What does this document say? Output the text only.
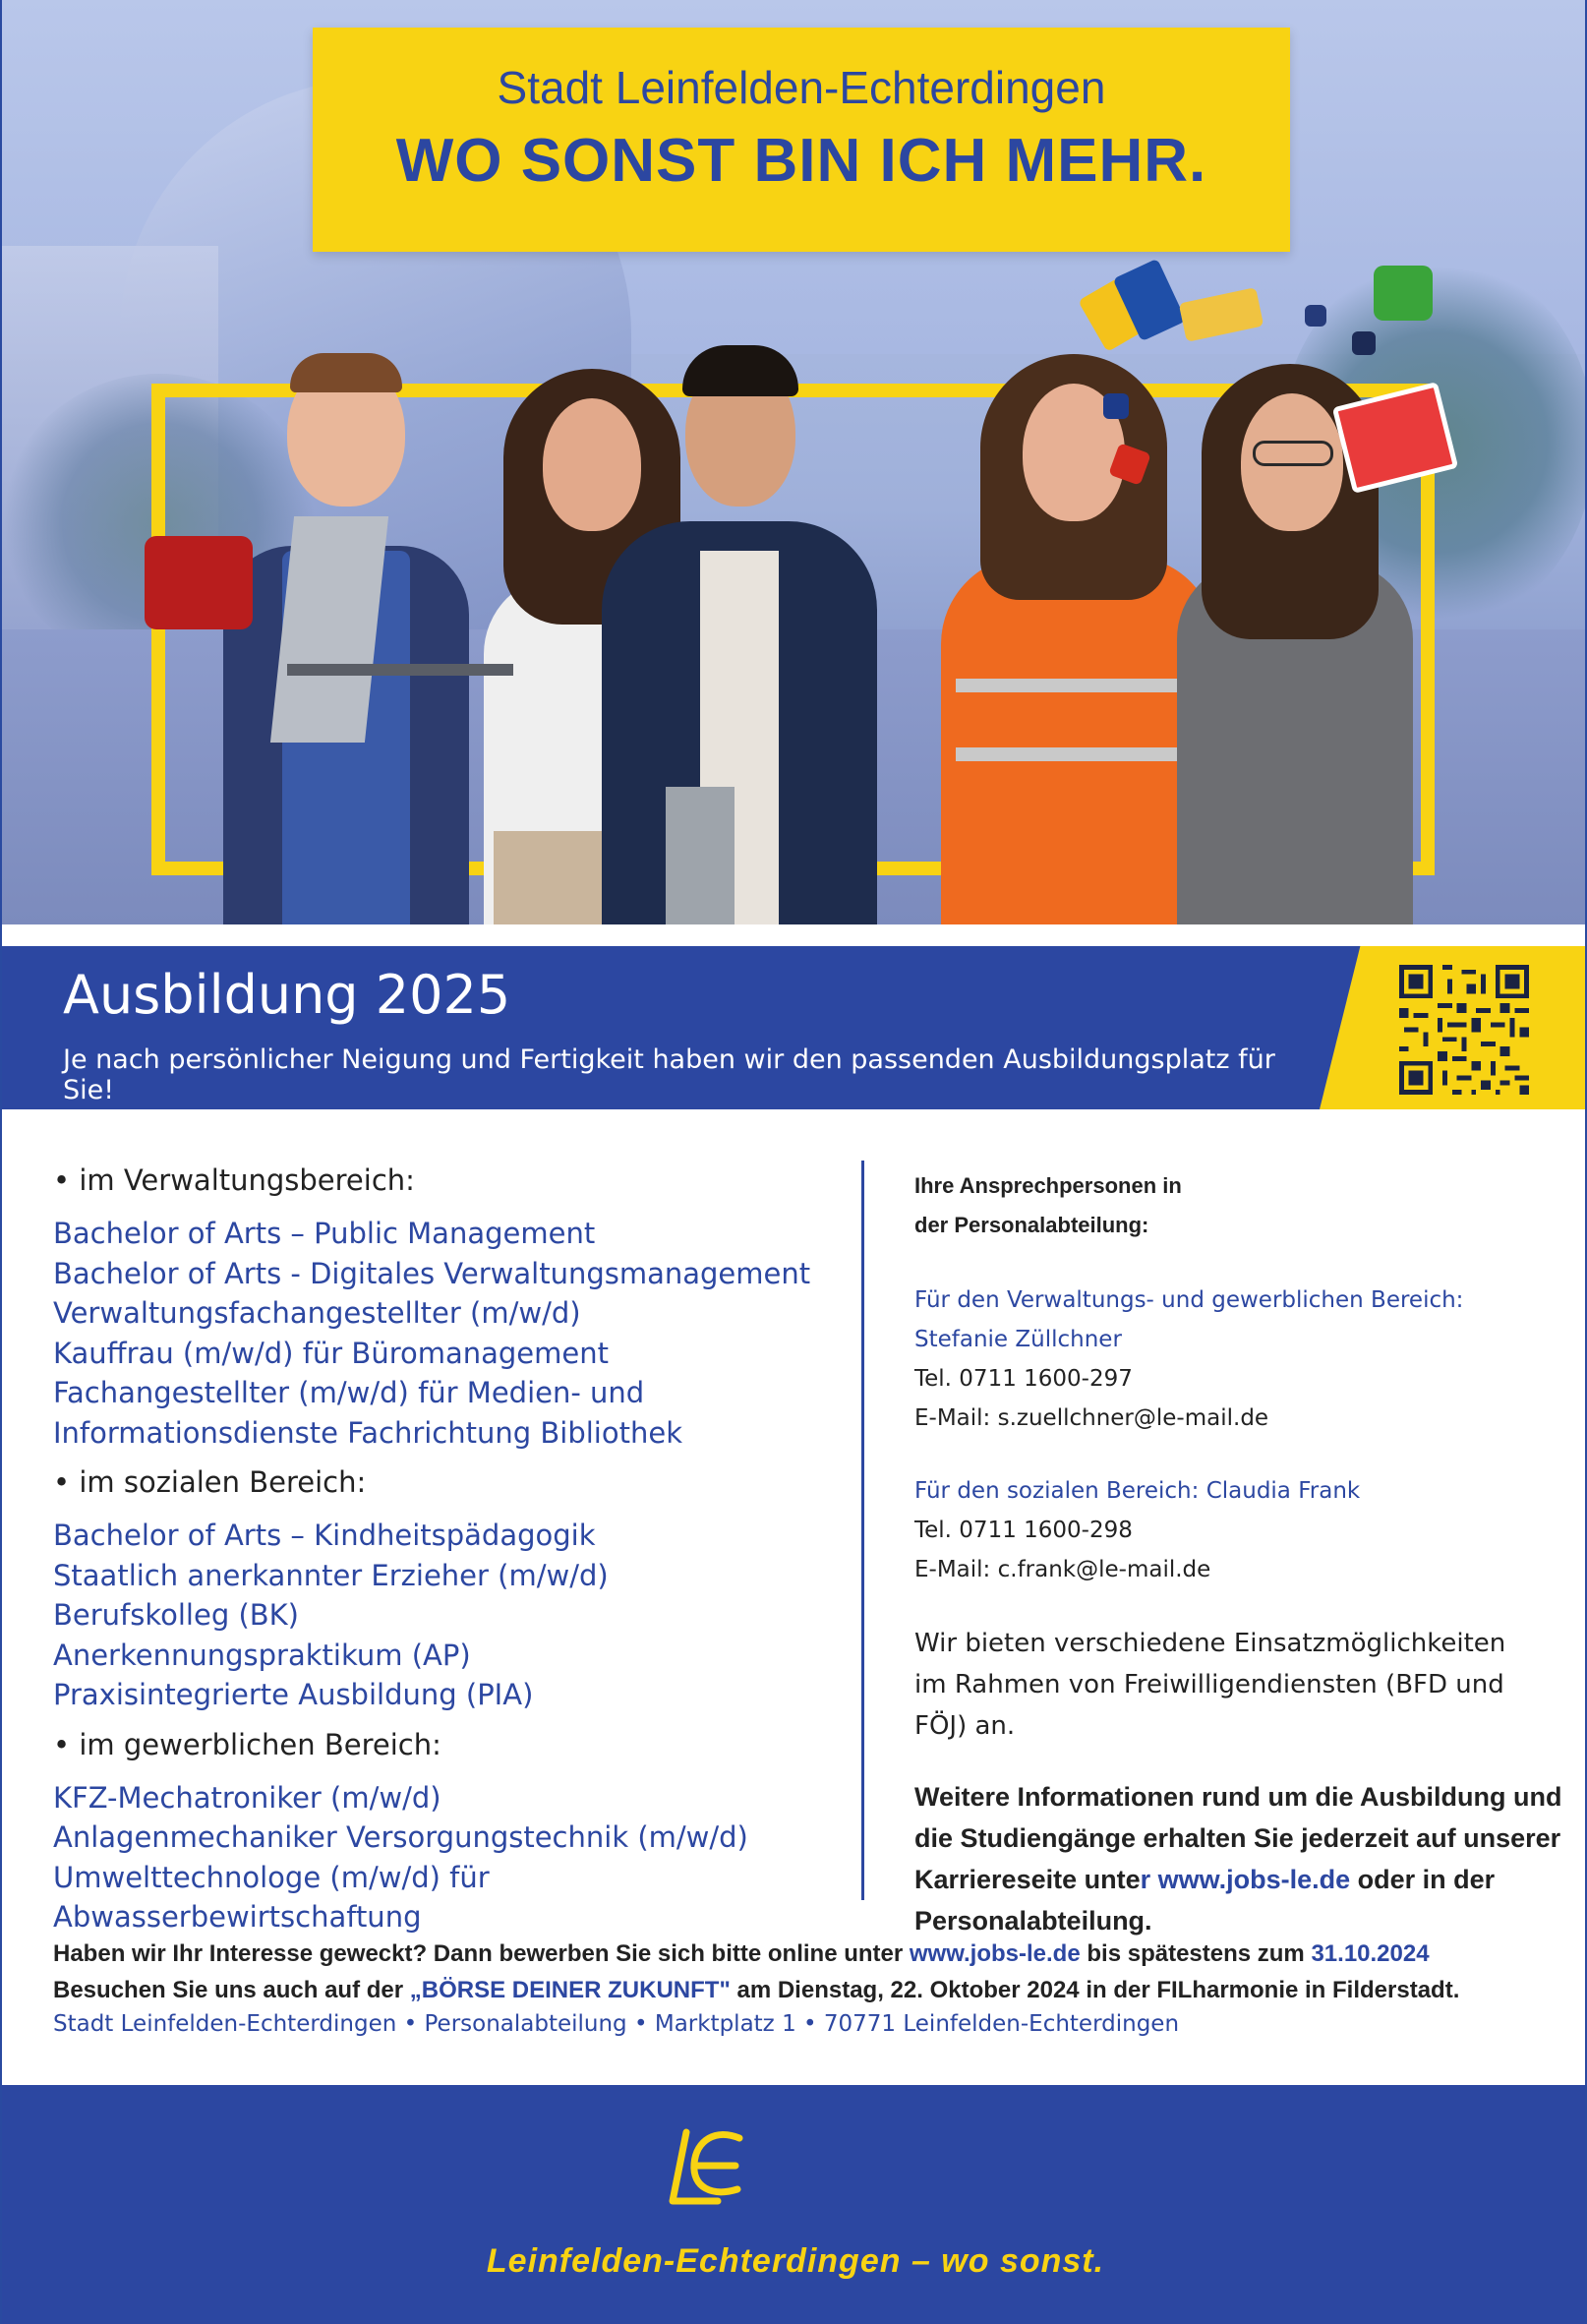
Stadt Leinfelden-Echterdingen
WO SONST BIN ICH MEHR.
Ausbildung 2025
Je nach persönlicher Neigung und Fertigkeit haben wir den passenden Ausbildungsplatz für Sie!

• im Verwaltungsbereich:

Bachelor of Arts – Public Management

Bachelor of Arts - Digitales Verwaltungsmanagement

Verwaltungsfachangestellter (m/w/d)

Kauffrau (m/w/d) für Büromanagement

Fachangestellter (m/w/d) für Medien- und

Informationsdienste Fachrichtung Bibliothek

• im sozialen Bereich:

Bachelor of Arts – Kindheitspädagogik

Staatlich anerkannter Erzieher (m/w/d)

Berufskolleg (BK)

Anerkennungspraktikum (AP)

Praxisintegrierte Ausbildung (PIA)

• im gewerblichen Bereich:

KFZ-Mechatroniker (m/w/d)

Anlagenmechaniker Versorgungstechnik (m/w/d)

Umwelttechnologe (m/w/d) für Abwasserbewirtschaftung

Ihre Ansprechpersonen in
der Personalabteilung:
Für den Verwaltungs- und gewerblichen Bereich:
Stefanie Züllchner
Tel. 0711 1600-297
E-Mail: s.zuellchner@le-mail.de
Für den sozialen Bereich: Claudia Frank
Tel. 0711 1600-298
E-Mail: c.frank@le-mail.de
Wir bieten verschiedene Einsatzmöglichkeiten
im Rahmen von Freiwilligendiensten (BFD und FÖJ) an.
Weitere Informationen rund um die Ausbildung und
die Studiengänge erhalten Sie jederzeit auf unserer
Karriereseite unter www.jobs-le.de oder in der
Personalabteilung.

Haben wir Ihr Interesse geweckt? Dann bewerben Sie sich bitte online unter www.jobs-le.de bis spätestens zum 31.10.2024

Besuchen Sie uns auch auf der „BÖRSE DEINER ZUKUNFT" am Dienstag, 22. Oktober 2024 in der FILharmonie in Filderstadt.

Stadt Leinfelden-Echterdingen • Personalabteilung • Marktplatz 1 • 70771 Leinfelden-Echterdingen
Leinfelden-Echterdingen – wo sonst.
